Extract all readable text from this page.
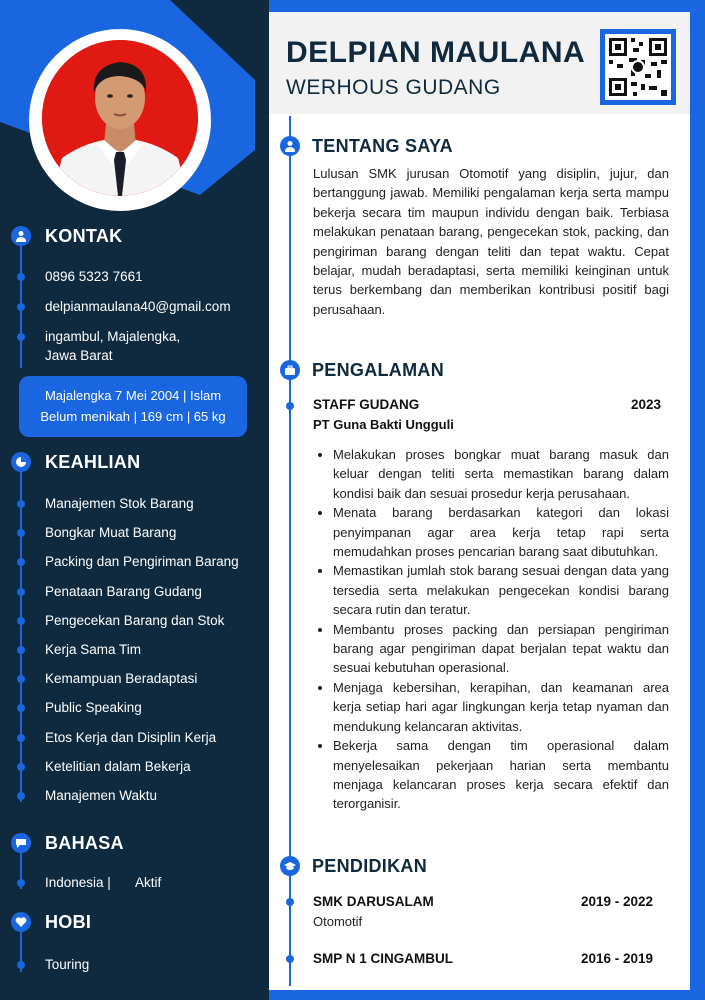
KONTAK
0896 5323 7661
delpianmaulana40@gmail.com
ingambul, Majalengka,
Jawa Barat
Majalengka 7 Mei 2004 | Islam
Belum menikah | 169 cm | 65 kg
KEAHLIAN
Manajemen Stok Barang
Bongkar Muat Barang
Packing dan Pengiriman Barang
Penataan Barang Gudang
Pengecekan Barang dan Stok
Kerja Sama Tim
Kemampuan Beradaptasi
Public Speaking
Etos Kerja dan Disiplin Kerja
Ketelitian dalam Bekerja
Manajemen Waktu
BAHASA
Indonesia | Aktif
HOBI
Touring
DELPIAN MAULANA
WERHOUS GUDANG
TENTANG SAYA
Lulusan SMK jurusan Otomotif yang disiplin, jujur, dan bertanggung jawab. Memiliki pengalaman kerja serta mampu bekerja secara tim maupun individu dengan baik. Terbiasa melakukan penataan barang, pengecekan stok, packing, dan pengiriman barang dengan teliti dan tepat waktu. Cepat belajar, mudah beradaptasi, serta memiliki keinginan untuk terus berkembang dan memberikan kontribusi positif bagi perusahaan.
PENGALAMAN
STAFF GUDANG	2023
PT Guna Bakti Ungguli
• Melakukan proses bongkar muat barang masuk dan keluar dengan teliti serta memastikan barang dalam kondisi baik dan sesuai prosedur kerja perusahaan.
• Menata barang berdasarkan kategori dan lokasi penyimpanan agar area kerja tetap rapi serta memudahkan proses pencarian barang saat dibutuhkan.
• Memastikan jumlah stok barang sesuai dengan data yang tersedia serta melakukan pengecekan kondisi barang secara rutin dan teratur.
• Membantu proses packing dan persiapan pengiriman barang agar pengiriman dapat berjalan tepat waktu dan sesuai kebutuhan operasional.
• Menjaga kebersihan, kerapihan, dan keamanan area kerja setiap hari agar lingkungan kerja tetap nyaman dan mendukung kelancaran aktivitas.
• Bekerja sama dengan tim operasional dalam menyelesaikan pekerjaan harian serta membantu menjaga kelancaran proses kerja secara efektif dan terorganisir.
PENDIDIKAN
SMK DARUSALAM	2019 - 2022
Otomotif
SMP N 1 CINGAMBUL	2016 - 2019
